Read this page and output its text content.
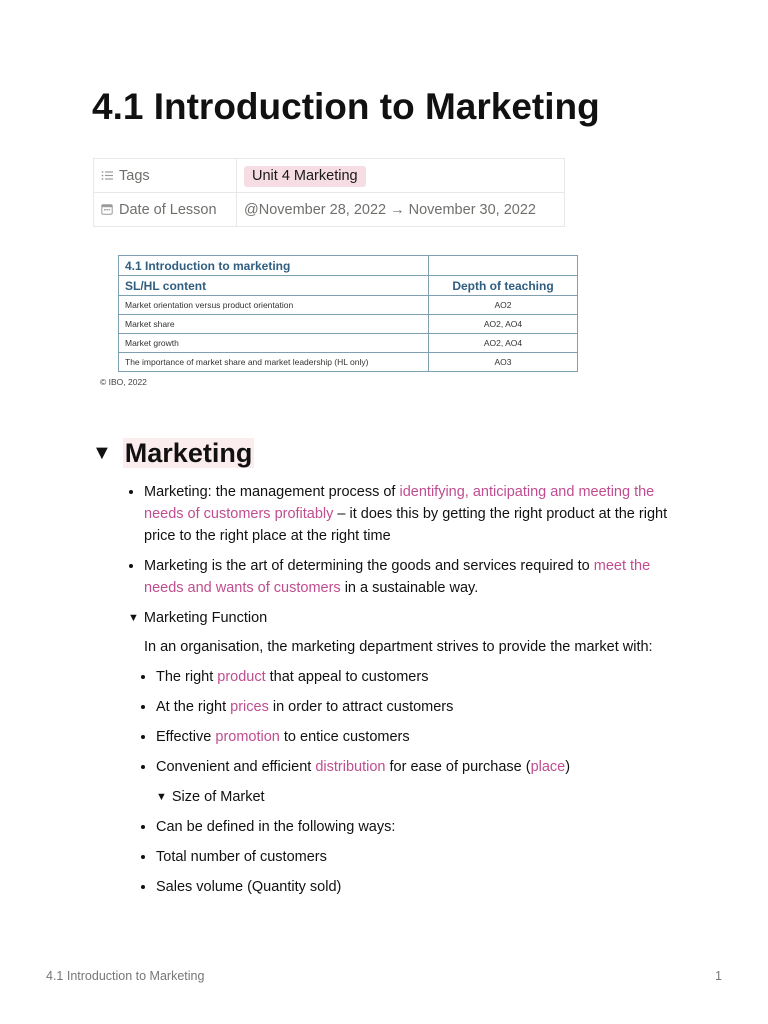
4.1 Introduction to Marketing
Tags	Unit 4 Marketing
Date of Lesson	@November 28, 2022 → November 30, 2022
4.1 Introduction to marketing	
SL/HL content	Depth of teaching
Market orientation versus product orientation	AO2
Market share	AO2, AO4
Market growth	AO2, AO4
The importance of market share and market leadership (HL only)	AO3
© IBO, 2022
▼ Marketing
• Marketing: the management process of identifying, anticipating and meeting the needs of customers profitably – it does this by getting the right product at the right price to the right place at the right time
• Marketing is the art of determining the goods and services required to meet the needs and wants of customers in a sustainable way.
▼ Marketing Function

In an organisation, the marketing department strives to provide the market with:

• The right product that appeal to customers
• At the right prices in order to attract customers
• Effective promotion to entice customers
• Convenient and efficient distribution for ease of purchase (place)
▼ Size of Market
• Can be defined in the following ways:
• Total number of customers
• Sales volume (Quantity sold)
4.1 Introduction to Marketing	1
